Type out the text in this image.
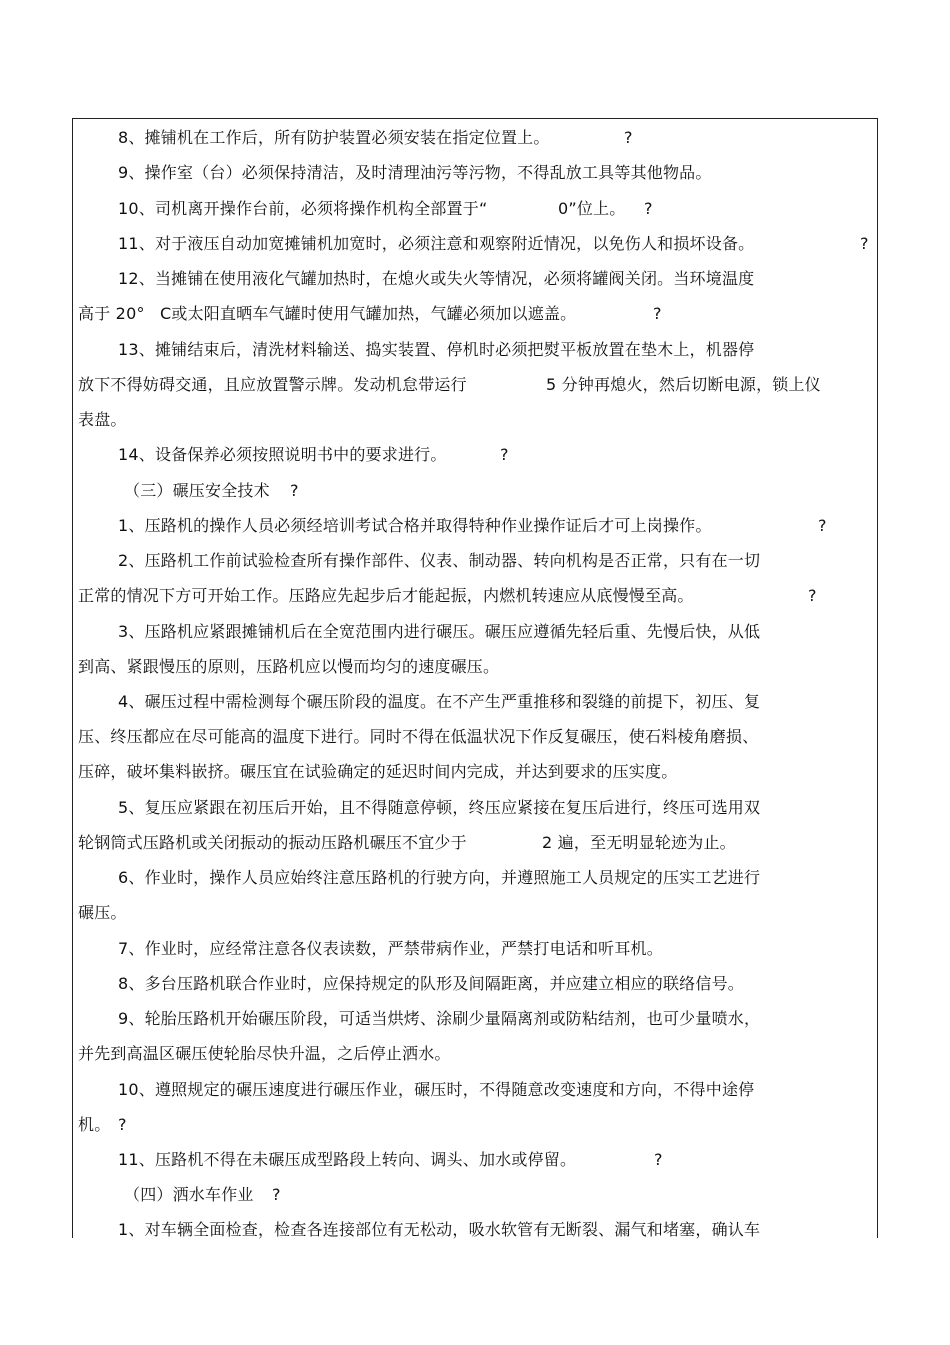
8、摊铺机在工作后，所有防护装置必须安装在指定位置上。	?
9、操作室（台）必须保持清洁，及时清理油污等污物，不得乱放工具等其他物品。
10、司机离开操作台前，必须将操作机构全部置于“	0”位上。 ?
11、对于液压自动加宽摊铺机加宽时，必须注意和观察附近情况，以免伤人和损坏设备。	?
12、当摊铺在使用液化气罐加热时，在熄火或失火等情况，必须将罐阀关闭。当环境温度
高于 20° C或太阳直晒车气罐时使用气罐加热，气罐必须加以遮盖。	?
13、摊铺结束后，清洗材料输送、捣实装置、停机时必须把熨平板放置在垫木上，机器停
放下不得妨碍交通，且应放置警示牌。发动机怠带运行	5 分钟再熄火，然后切断电源，锁上仪
表盘。
14、设备保养必须按照说明书中的要求进行。	?
（三）碾压安全技术 ?
1、压路机的操作人员必须经培训考试合格并取得特种作业操作证后才可上岗操作。	?
2、压路机工作前试验检查所有操作部件、仪表、制动器、转向机构是否正常，只有在一切
正常的情况下方可开始工作。压路应先起步后才能起振，内燃机转速应从底慢慢至高。	?
3、压路机应紧跟摊铺机后在全宽范围内进行碾压。碾压应遵循先轻后重、先慢后快，从低
到高、紧跟慢压的原则，压路机应以慢而均匀的速度碾压。
4、碾压过程中需检测每个碾压阶段的温度。在不产生严重推移和裂缝的前提下，初压、复
压、终压都应在尽可能高的温度下进行。同时不得在低温状况下作反复碾压，使石料棱角磨损、
压碎，破坏集料嵌挤。碾压宜在试验确定的延迟时间内完成，并达到要求的压实度。
5、复压应紧跟在初压后开始，且不得随意停顿，终压应紧接在复压后进行，终压可选用双
轮钢筒式压路机或关闭振动的振动压路机碾压不宜少于	2 遍，至无明显轮迹为止。
6、作业时，操作人员应始终注意压路机的行驶方向，并遵照施工人员规定的压实工艺进行
碾压。
7、作业时，应经常注意各仪表读数，严禁带病作业，严禁打电话和听耳机。
8、多台压路机联合作业时，应保持规定的队形及间隔距离，并应建立相应的联络信号。
9、轮胎压路机开始碾压阶段，可适当烘烤、涂刷少量隔离剂或防粘结剂，也可少量喷水，
并先到高温区碾压使轮胎尽快升温，之后停止洒水。
10、遵照规定的碾压速度进行碾压作业，碾压时，不得随意改变速度和方向，不得中途停
机。 ?
11、压路机不得在未碾压成型路段上转向、调头、加水或停留。	?
（四）洒水车作业 ?
1、对车辆全面检查，检查各连接部位有无松动，吸水软管有无断裂、漏气和堵塞，确认车
